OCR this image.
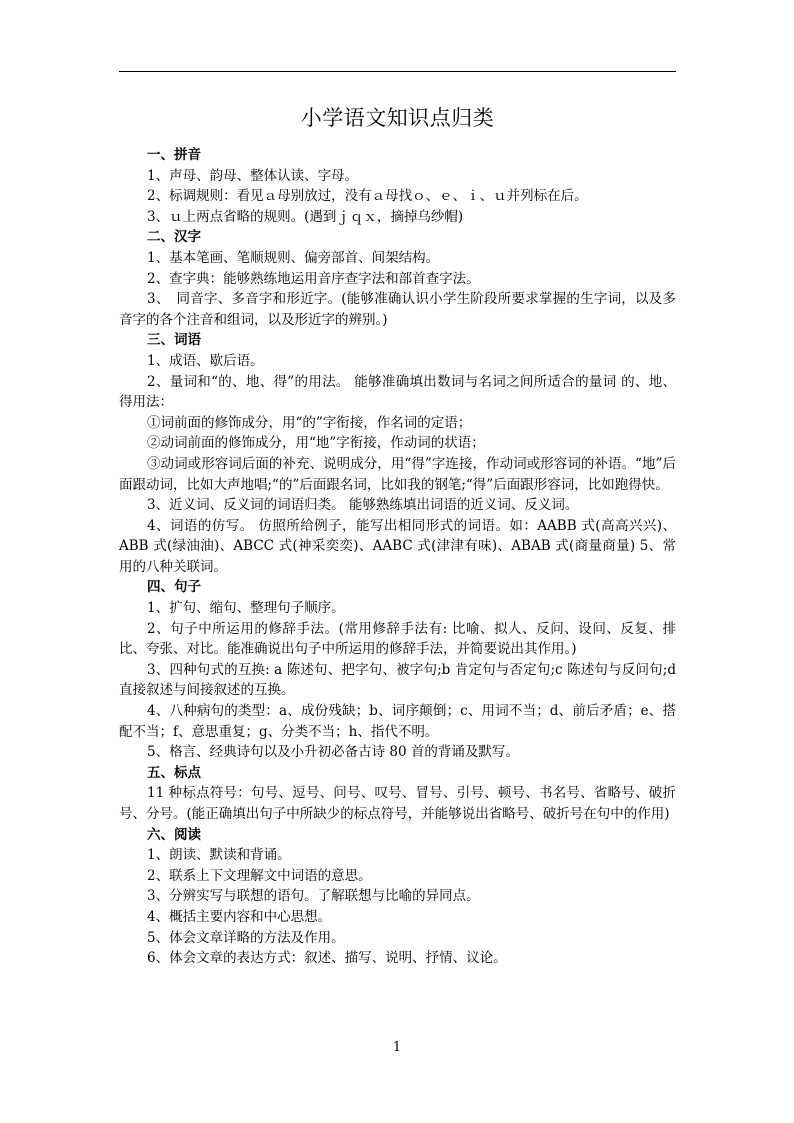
小学语文知识点归类
一、拼音

1、声母、韵母、整体认读、字母。

2、标调规则：看见ａ母别放过，没有ａ母找ｏ、ｅ、ｉ、ｕ并列标在后。

3、ｕ上两点省略的规则。(遇到ｊｑｘ，摘掉乌纱帽)

二、汉字

1、基本笔画、笔顺规则、偏旁部首、间架结构。

2、查字典：能够熟练地运用音序查字法和部首查字法。

3、　同音字、多音字和形近字。(能够准确认识小学生阶段所要求掌握的生字词，以及多音字的各个注音和组词，以及形近字的辨别。)

三、词语

1、成语、歇后语。

2、量词和“的、地、得”的用法。 能够准确填出数词与名词之间所适合的量词 的、地、得用法：

①词前面的修饰成分，用“的”字衔接，作名词的定语；

②动词前面的修饰成分，用“地”字衔接，作动词的状语；

③动词或形容词后面的补充、说明成分，用“得”字连接，作动词或形容词的补语。“地”后面跟动词，比如大声地唱;“的”后面跟名词，比如我的钢笔;“得”后面跟形容词，比如跑得快。

3、近义词、反义词的词语归类。 能够熟练填出词语的近义词、反义词。

4、词语的仿写。 仿照所给例子，能写出相同形式的词语。如：AABB 式(高高兴兴)、ABB 式(绿油油)、ABCC 式(神采奕奕)、AABC 式(津津有味)、ABAB 式(商量商量) 5、常用的八种关联词。

四、句子

1、扩句、缩句、整理句子顺序。

2、句子中所运用的修辞手法。(常用修辞手法有: 比喻、拟人、反问、设问、反复、排比、夸张、对比。能准确说出句子中所运用的修辞手法，并简要说出其作用。)

3、四种句式的互换: a 陈述句、把字句、被字句;b 肯定句与否定句;c 陈述句与反问句;d 直接叙述与间接叙述的互换。

4、八种病句的类型：a、成份残缺；b、词序颠倒；c、用词不当；d、前后矛盾；e、搭配不当；f、意思重复；g、分类不当；h、指代不明。

5、格言、经典诗句以及小升初必备古诗 80 首的背诵及默写。

五、标点

11 种标点符号：句号、逗号、问号、叹号、冒号、引号、顿号、书名号、省略号、破折号、分号。(能正确填出句子中所缺少的标点符号，并能够说出省略号、破折号在句中的作用)

六、阅读

1、朗读、默读和背诵。

2、联系上下文理解文中词语的意思。

3、分辨实写与联想的语句。了解联想与比喻的异同点。

4、概括主要内容和中心思想。

5、体会文章详略的方法及作用。

6、体会文章的表达方式：叙述、描写、说明、抒情、议论。

1
